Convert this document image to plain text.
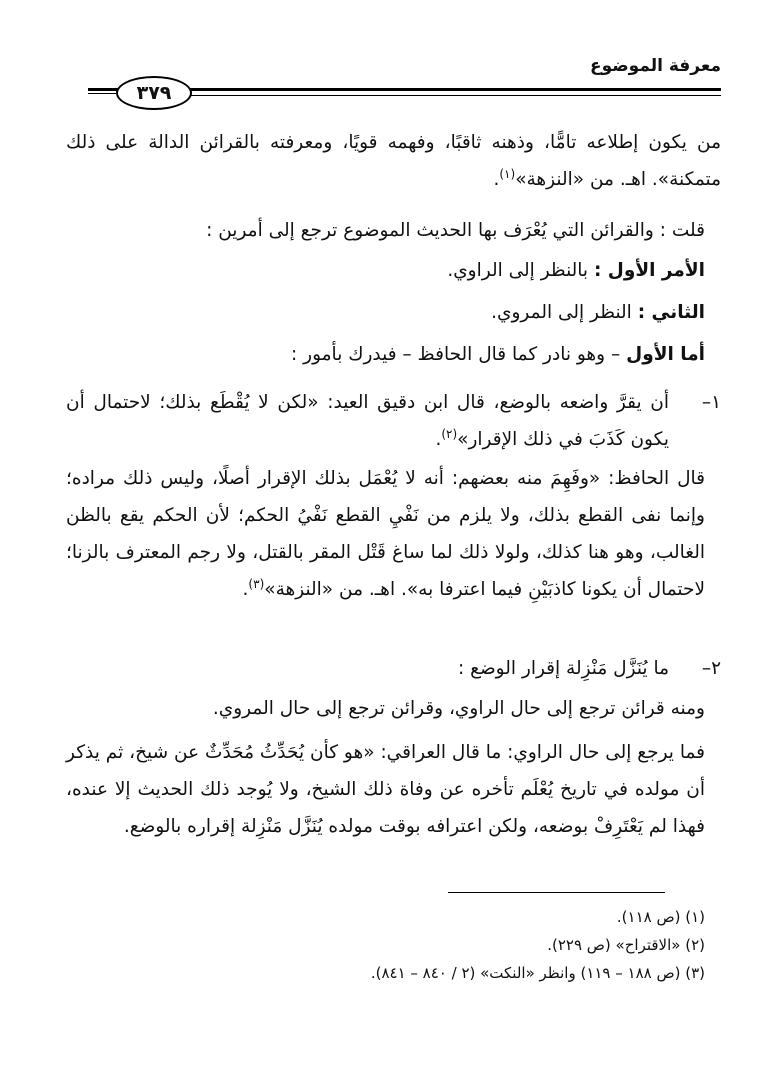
معرفة الموضوع
٣٧٩
من يكون إطلاعه تامًّا، وذهنه ثاقبًا، وفهمه قويًا، ومعرفته بالقرائن الدالة على ذلك متمكنة». اهـ. من «النزهة»$^{(١)}$.
قلت : والقرائن التي يُعْرَف بها الحديث الموضوع ترجع إلى أمرين :
الأمر الأول : بالنظر إلى الراوي.
الثاني : النظر إلى المروي.
أما الأول – وهو نادر كما قال الحافظ – فيدرك بأمور :
١–
أن يقرَّ واضعه بالوضع، قال ابن دقيق العيد: «لكن لا يُقْطَع بذلك؛ لاحتمال أن يكون كَذَبَ في ذلك الإقرار»$^{(٢)}$.
قال الحافظ: «وفَهِمَ منه بعضهم: أنه لا يُعْمَل بذلك الإقرار أصلًا، وليس ذلك مراده؛ وإنما نفى القطع بذلك، ولا يلزم من نَفْيِ القطع نَفْيُ الحكم؛ لأن الحكم يقع بالظن الغالب، وهو هنا كذلك، ولولا ذلك لما ساغ قَتْل المقر بالقتل، ولا رجم المعترف بالزنا؛ لاحتمال أن يكونا كاذبَيْنِ فيما اعترفا به». اهـ. من «النزهة»$^{(٣)}$.
٢–
ما يُنَزَّل مَنْزِلة إقرار الوضع :
ومنه قرائن ترجع إلى حال الراوي، وقرائن ترجع إلى حال المروي.
فما يرجع إلى حال الراوي: ما قال العراقي: «هو كأن يُحَدِّثُ مُحَدِّثٌ عن شيخ، ثم يذكر أن مولده في تاريخ يُعْلَم تأخره عن وفاة ذلك الشيخ، ولا يُوجد ذلك الحديث إلا عنده، فهذا لم يَعْتَرِفْ بوضعه، ولكن اعترافه بوقت مولده يُنَزَّل مَنْزِلة إقراره بالوضع.
(١) (ص ١١٨).
(٢) «الاقتراح» (ص ٢٢٩).
(٣) (ص ١٨٨ – ١١٩) وانظر «النكت» (٢ / ٨٤٠ – ٨٤١).
